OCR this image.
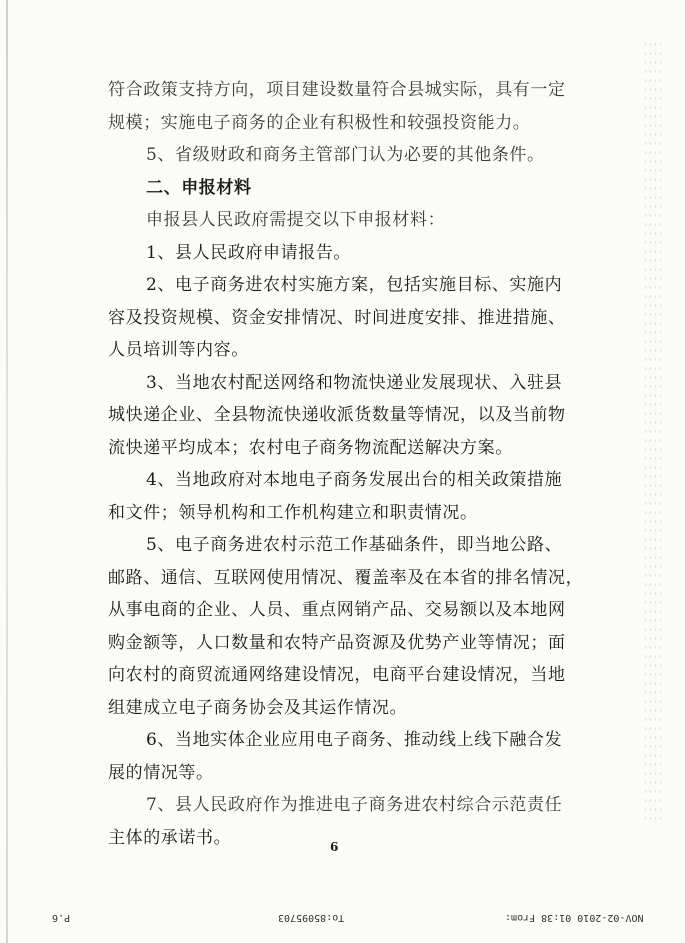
符合政策支持方向，项目建设数量符合县城实际，具有一定
规模；实施电子商务的企业有积极性和较强投资能力。
5、省级财政和商务主管部门认为必要的其他条件。
二、申报材料
申报县人民政府需提交以下申报材料：
1、县人民政府申请报告。
2、电子商务进农村实施方案，包括实施目标、实施内
容及投资规模、资金安排情况、时间进度安排、推进措施、
人员培训等内容。
3、当地农村配送网络和物流快递业发展现状、入驻县
城快递企业、全县物流快递收派货数量等情况，以及当前物
流快递平均成本；农村电子商务物流配送解决方案。
4、当地政府对本地电子商务发展出台的相关政策措施
和文件；领导机构和工作机构建立和职责情况。
5、电子商务进农村示范工作基础条件，即当地公路、
邮路、通信、互联网使用情况、覆盖率及在本省的排名情况，
从事电商的企业、人员、重点网销产品、交易额以及本地网
购金额等，人口数量和农特产品资源及优势产业等情况；面
向农村的商贸流通网络建设情况，电商平台建设情况，当地
组建成立电子商务协会及其运作情况。
6、当地实体企业应用电子商务、推动线上线下融合发
展的情况等。
7、县人民政府作为推进电子商务进农村综合示范责任
主体的承诺书。	6
P.6	To:85095703	NOV-02-2010 01:38 From:
